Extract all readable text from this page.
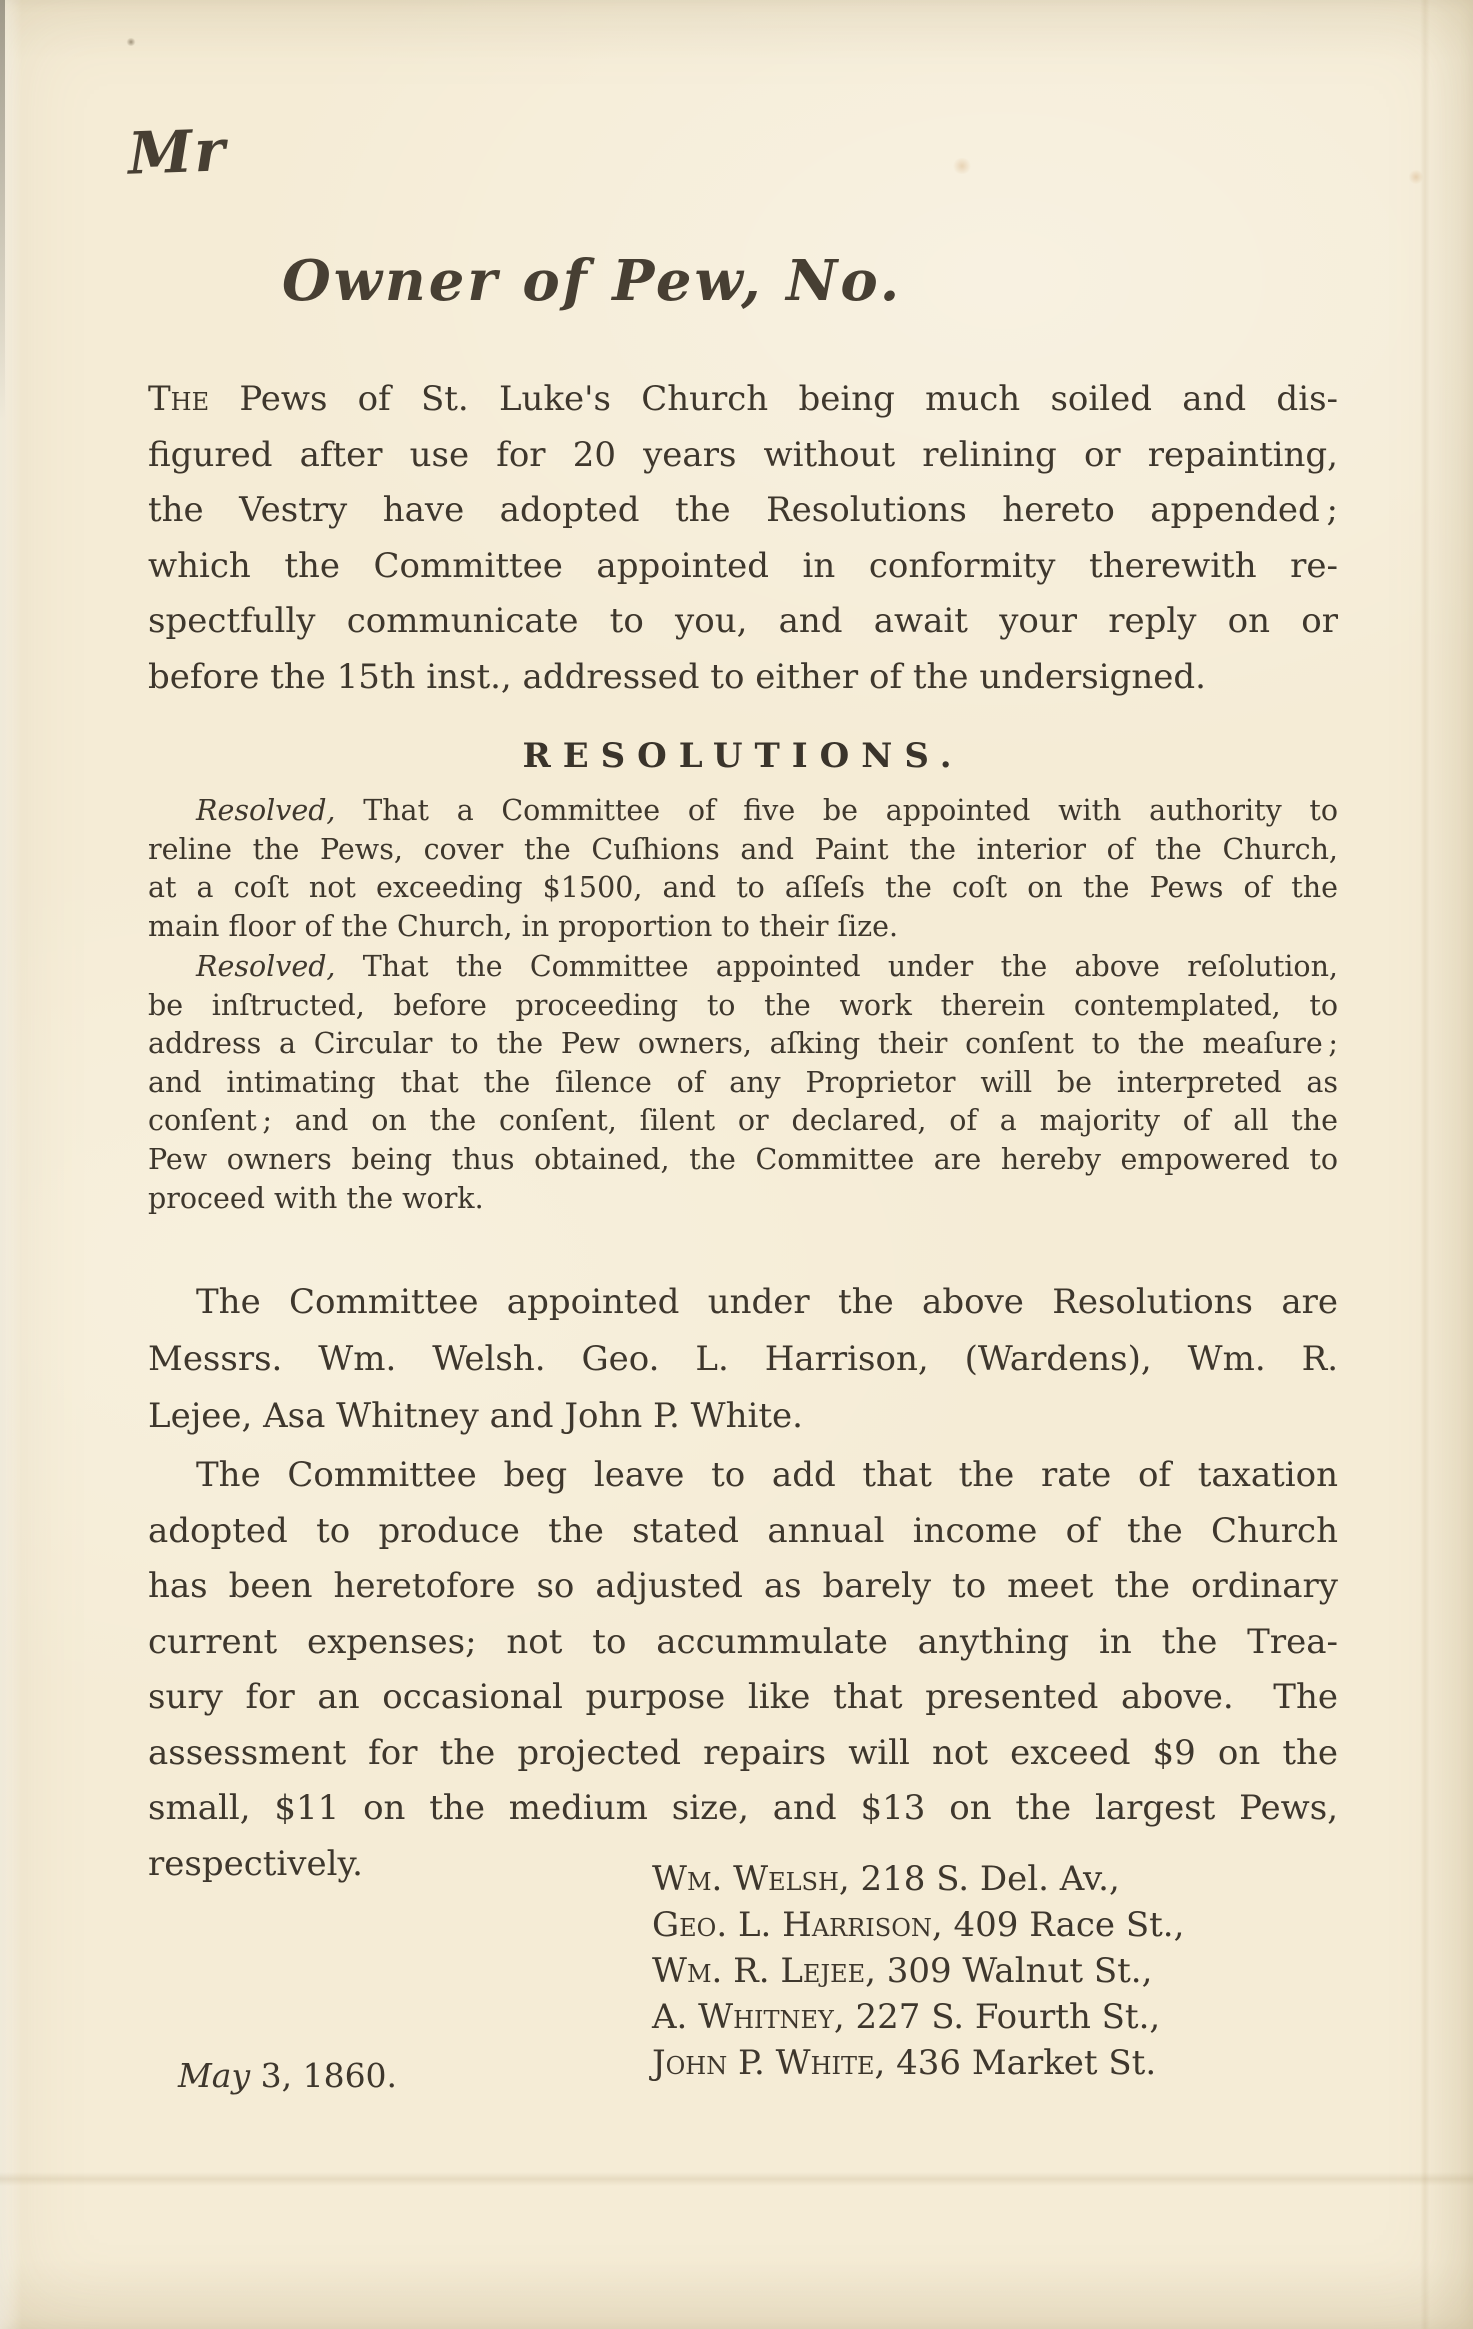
Mr
Owner of Pew, No.
The Pews of St. Luke's Church being much soiled and dis-
figured after use for 20 years without relining or repainting,
the Vestry have adopted the Resolutions hereto appended ;
which the Committee appointed in conformity therewith re-
spectfully communicate to you, and await your reply on or
before the 15th inst., addressed to either of the undersigned.
RESOLUTIONS.
Resolved, That a Committee of five be appointed with authority to
reline the Pews, cover the Cuſhions and Paint the interior of the Church,
at a coſt not exceeding $1500, and to aſſeſs the coſt on the Pews of the
main floor of the Church, in proportion to their ſize.
Resolved, That the Committee appointed under the above reſolution,
be inſtructed, before proceeding to the work therein contemplated, to
address a Circular to the Pew owners, aſking their conſent to the meaſure ;
and intimating that the ſilence of any Proprietor will be interpreted as
conſent ; and on the conſent, ſilent or declared, of a majority of all the
Pew owners being thus obtained, the Committee are hereby empowered to
proceed with the work.
The Committee appointed under the above Resolutions are
Messrs. Wm. Welsh. Geo. L. Harrison, (Wardens), Wm. R.
Lejee, Asa Whitney and John P. White.
The Committee beg leave to add that the rate of taxation
adopted to produce the stated annual income of the Church
has been heretofore so adjusted as barely to meet the ordinary
current expenses; not to accummulate anything in the Trea-
sury for an occasional purpose like that presented above.  The
assessment for the projected repairs will not exceed $9 on the
small, $11 on the medium size, and $13 on the largest Pews,
respectively.	Wm. Welsh, 218 S. Del. Av.,
Geo. L. Harrison, 409 Race St.,
Wm. R. Lejee, 309 Walnut St.,
A. Whitney, 227 S. Fourth St.,
John P. White, 436 Market St.
May 3, 1860.
